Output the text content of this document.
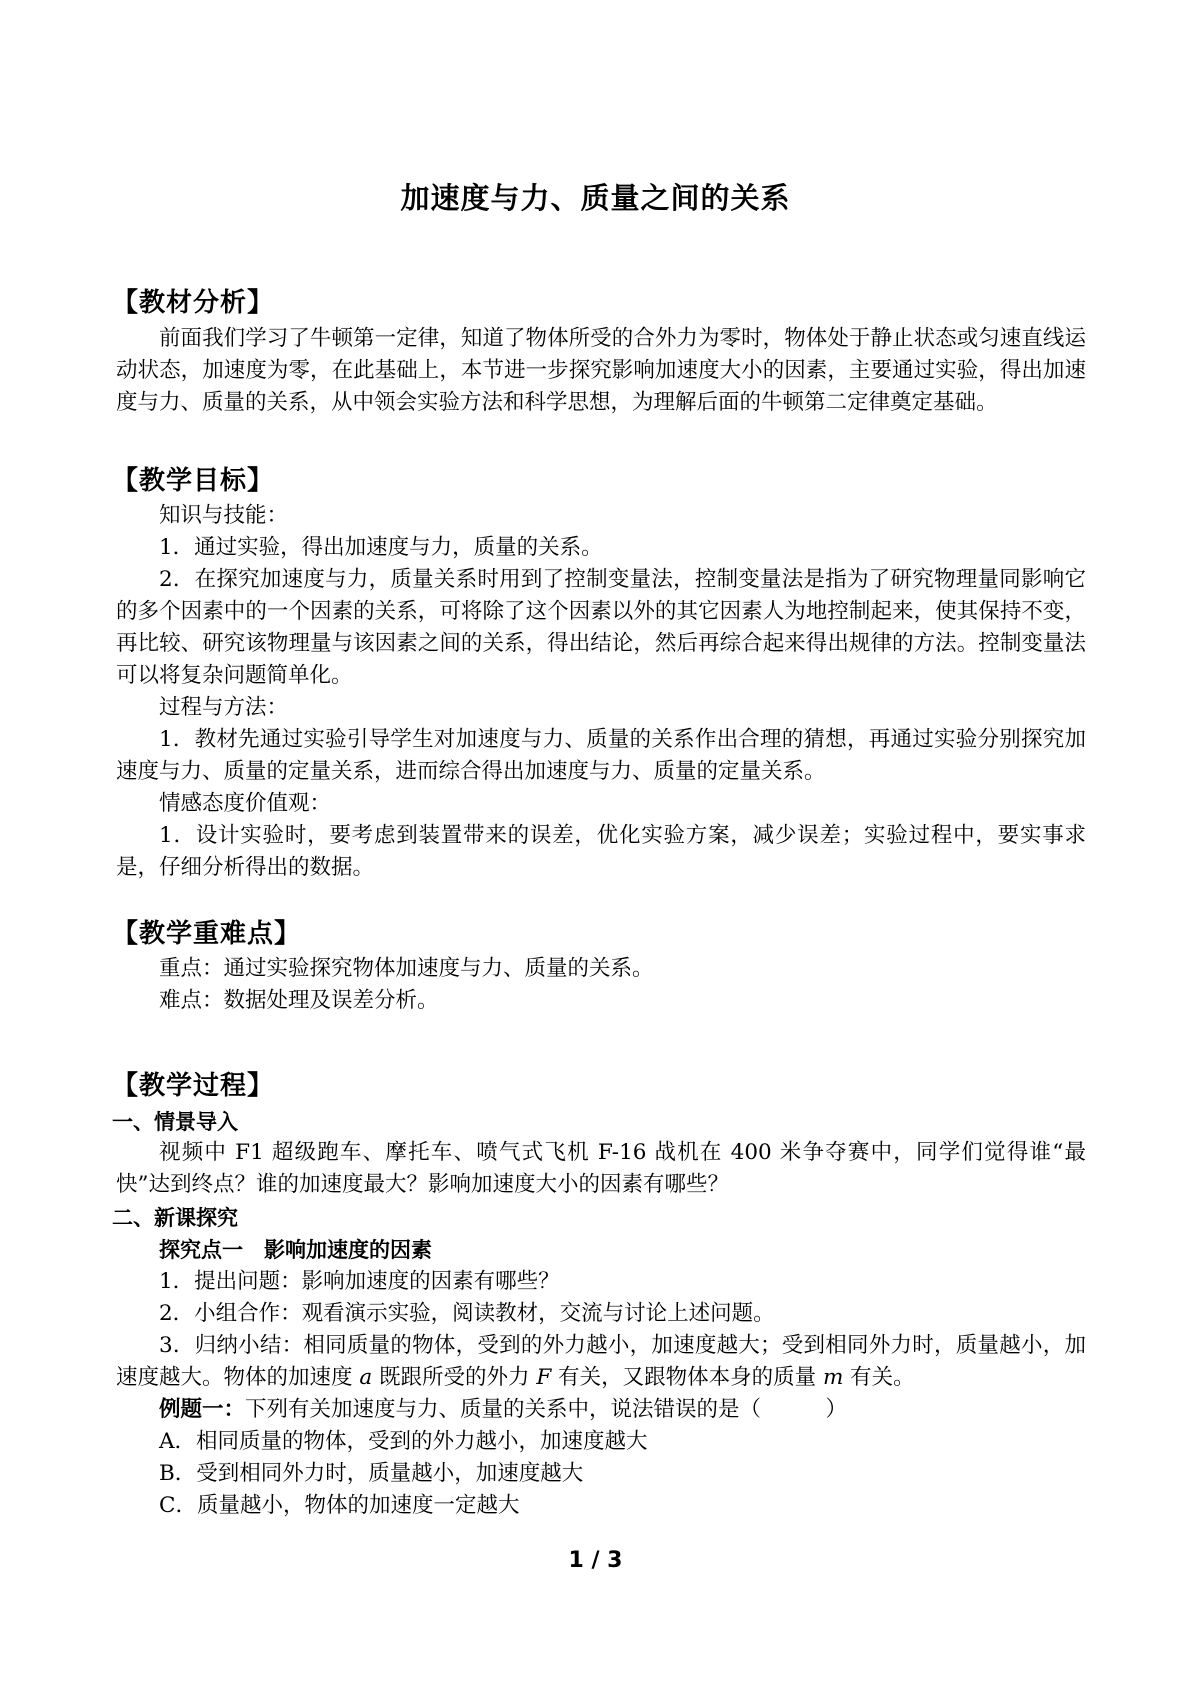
加速度与力、质量之间的关系
【教材分析】
前面我们学习了牛顿第一定律，知道了物体所受的合外力为零时，物体处于静止状态或匀速直线运动状态，加速度为零，在此基础上，本节进一步探究影响加速度大小的因素，主要通过实验，得出加速度与力、质量的关系，从中领会实验方法和科学思想，为理解后面的牛顿第二定律奠定基础。
【教学目标】
知识与技能：
1．通过实验，得出加速度与力，质量的关系。
2．在探究加速度与力，质量关系时用到了控制变量法，控制变量法是指为了研究物理量同影响它的多个因素中的一个因素的关系，可将除了这个因素以外的其它因素人为地控制起来，使其保持不变，再比较、研究该物理量与该因素之间的关系，得出结论，然后再综合起来得出规律的方法。控制变量法可以将复杂问题简单化。
过程与方法：
1．教材先通过实验引导学生对加速度与力、质量的关系作出合理的猜想，再通过实验分别探究加速度与力、质量的定量关系，进而综合得出加速度与力、质量的定量关系。
情感态度价值观：
1．设计实验时，要考虑到装置带来的误差，优化实验方案，减少误差；实验过程中，要实事求是，仔细分析得出的数据。
【教学重难点】
重点：通过实验探究物体加速度与力、质量的关系。
难点：数据处理及误差分析。
【教学过程】
一、情景导入
视频中 F1 超级跑车、摩托车、喷气式飞机 F-16 战机在 400 米争夺赛中，同学们觉得谁“最快”达到终点？谁的加速度最大？影响加速度大小的因素有哪些？
二、新课探究
探究点一　影响加速度的因素
1．提出问题：影响加速度的因素有哪些？
2．小组合作：观看演示实验，阅读教材，交流与讨论上述问题。
3．归纳小结：相同质量的物体，受到的外力越小，加速度越大；受到相同外力时，质量越小，加速度越大。物体的加速度 a 既跟所受的外力 F 有关，又跟物体本身的质量 m 有关。
例题一：下列有关加速度与力、质量的关系中，说法错误的是（　　　）
A．相同质量的物体，受到的外力越小，加速度越大
B．受到相同外力时，质量越小，加速度越大
C．质量越小，物体的加速度一定越大
1 / 3
